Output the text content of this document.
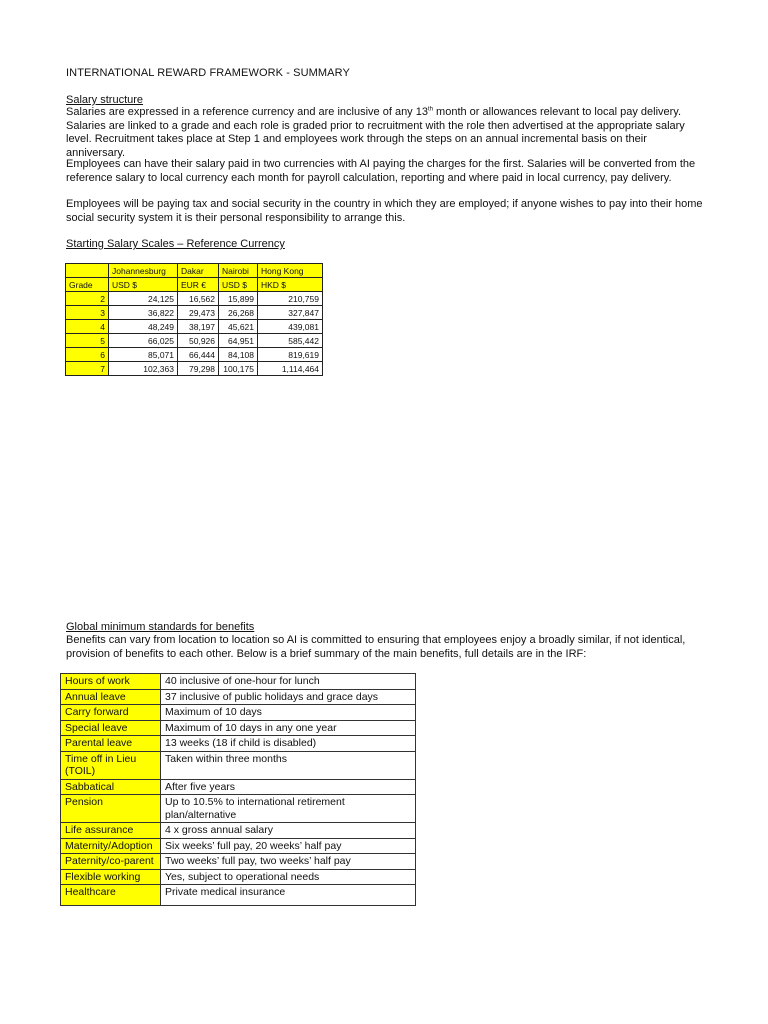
INTERNATIONAL REWARD FRAMEWORK - SUMMARY
Salary structure
Salaries are expressed in a reference currency and are inclusive of any 13th month or allowances relevant to local pay delivery. Salaries are linked to a grade and each role is graded prior to recruitment with the role then advertised at the appropriate salary level. Recruitment takes place at Step 1 and employees work through the steps on an annual incremental basis on their anniversary.
Employees can have their salary paid in two currencies with AI paying the charges for the first. Salaries will be converted from the reference salary to local currency each month for payroll calculation, reporting and where paid in local currency, pay delivery.
Employees will be paying tax and social security in the country in which they are employed; if anyone wishes to pay into their home social security system it is their personal responsibility to arrange this.
Starting Salary Scales – Reference Currency
	Johannesburg	Dakar	Nairobi	Hong Kong
Grade	USD $	EUR €	USD $	HKD $
2	24,125	16,562	15,899	210,759
3	36,822	29,473	26,268	327,847
4	48,249	38,197	45,621	439,081
5	66,025	50,926	64,951	585,442
6	85,071	66,444	84,108	819,619
7	102,363	79,298	100,175	1,114,464
Global minimum standards for benefits
Benefits can vary from location to location so AI is committed to ensuring that employees enjoy a broadly similar, if not identical, provision of benefits to each other. Below is a brief summary of the main benefits, full details are in the IRF:
Hours of work	40 inclusive of one-hour for lunch
Annual leave	37 inclusive of public holidays and grace days
Carry forward	Maximum of 10 days
Special leave	Maximum of 10 days in any one year
Parental leave	13 weeks (18 if child is disabled)
Time off in Lieu (TOIL)	Taken within three months
Sabbatical	After five years
Pension	Up to 10.5% to international retirement plan/alternative
Life assurance	4 x gross annual salary
Maternity/Adoption	Six weeks’ full pay, 20 weeks’ half pay
Paternity/co-parent	Two weeks’ full pay, two weeks’ half pay
Flexible working	Yes, subject to operational needs
Healthcare	Private medical insurance
